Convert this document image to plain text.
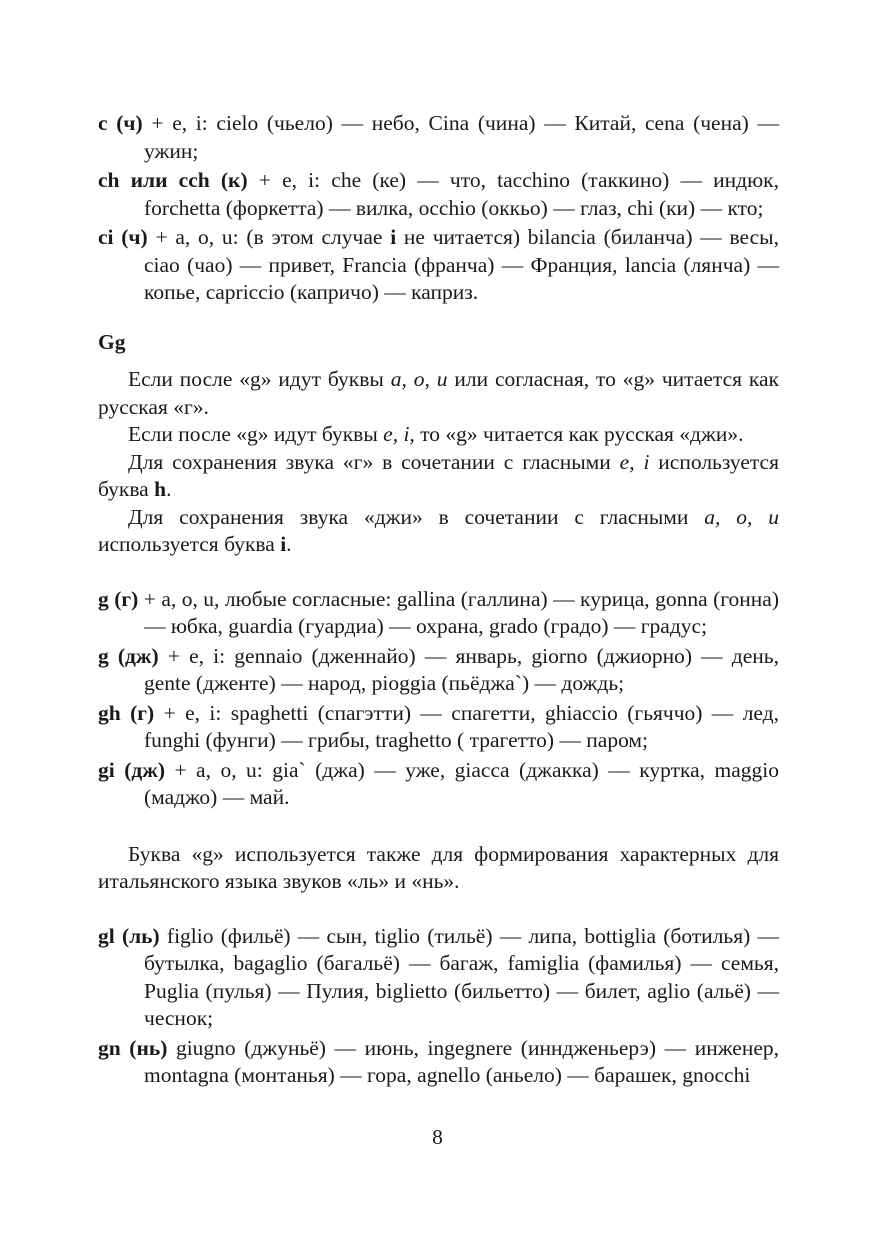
c (ч) + e, i: cielo (чьело) — небо, Cina (чина) — Китай, cena (чена) — ужин;

ch или cch (к) + e, i: che (ке) — что, tacchino (таккино) — индюк, forchetta (форкетта) — вилка, occhio (оккьо) — глаз, chi (ки) — кто;

ci (ч) + a, o, u: (в этом случае i не читается) bilancia (биланча) — весы, ciao (чао) — привет, Francia (франча) — Франция, lancia (лянча) — копье, capriccio (капричо) — каприз.

Gg

Если после «g» идут буквы a, o, u или согласная, то «g» читается как русская «г».

Если после «g» идут буквы e, i, то «g» читается как русская «джи».

Для сохранения звука «г» в сочетании с гласными e, i используется буква h.

Для сохранения звука «джи» в сочетании с гласными a, o, u используется буква i.

g (г) + a, o, u, любые согласные: gallina (галлина) — курица, gonna (гонна) — юбка, guardia (гуардиа) — охрана, grado (градо) — градус;

g (дж) + e, i: gennaio (дженнайо) — январь, giorno (джиорно) — день, gente (дженте) — народ, pioggia (пьёджа`) — дождь;

gh (г) + e, i: spaghetti (спагэтти) — спагетти, ghiaccio (гьяччо) — лед, funghi (фунги) — грибы, traghetto ( трагетто) — паром;

gi (дж) + a, o, u: gia` (джа) — уже, giacca (джакка) — куртка, maggio (маджо) — май.

Буква «g» используется также для формирования характерных для итальянского языка звуков «ль» и «нь».

gl (ль) figlio (фильё) — сын, tiglio (тильё) — липа, bottiglia (ботилья) — бутылка, bagaglio (багальё) — багаж, famiglia (фамилья) — семья, Puglia (пулья) — Пулия, biglietto (бильетто) — билет, aglio (альё) — чеснок;

gn (нь) giugno (джуньё) — июнь, ingegnere (инндженьерэ) — инженер, montagna (монтанья) — гора, agnello (аньело) — барашек, gnocchi

8
